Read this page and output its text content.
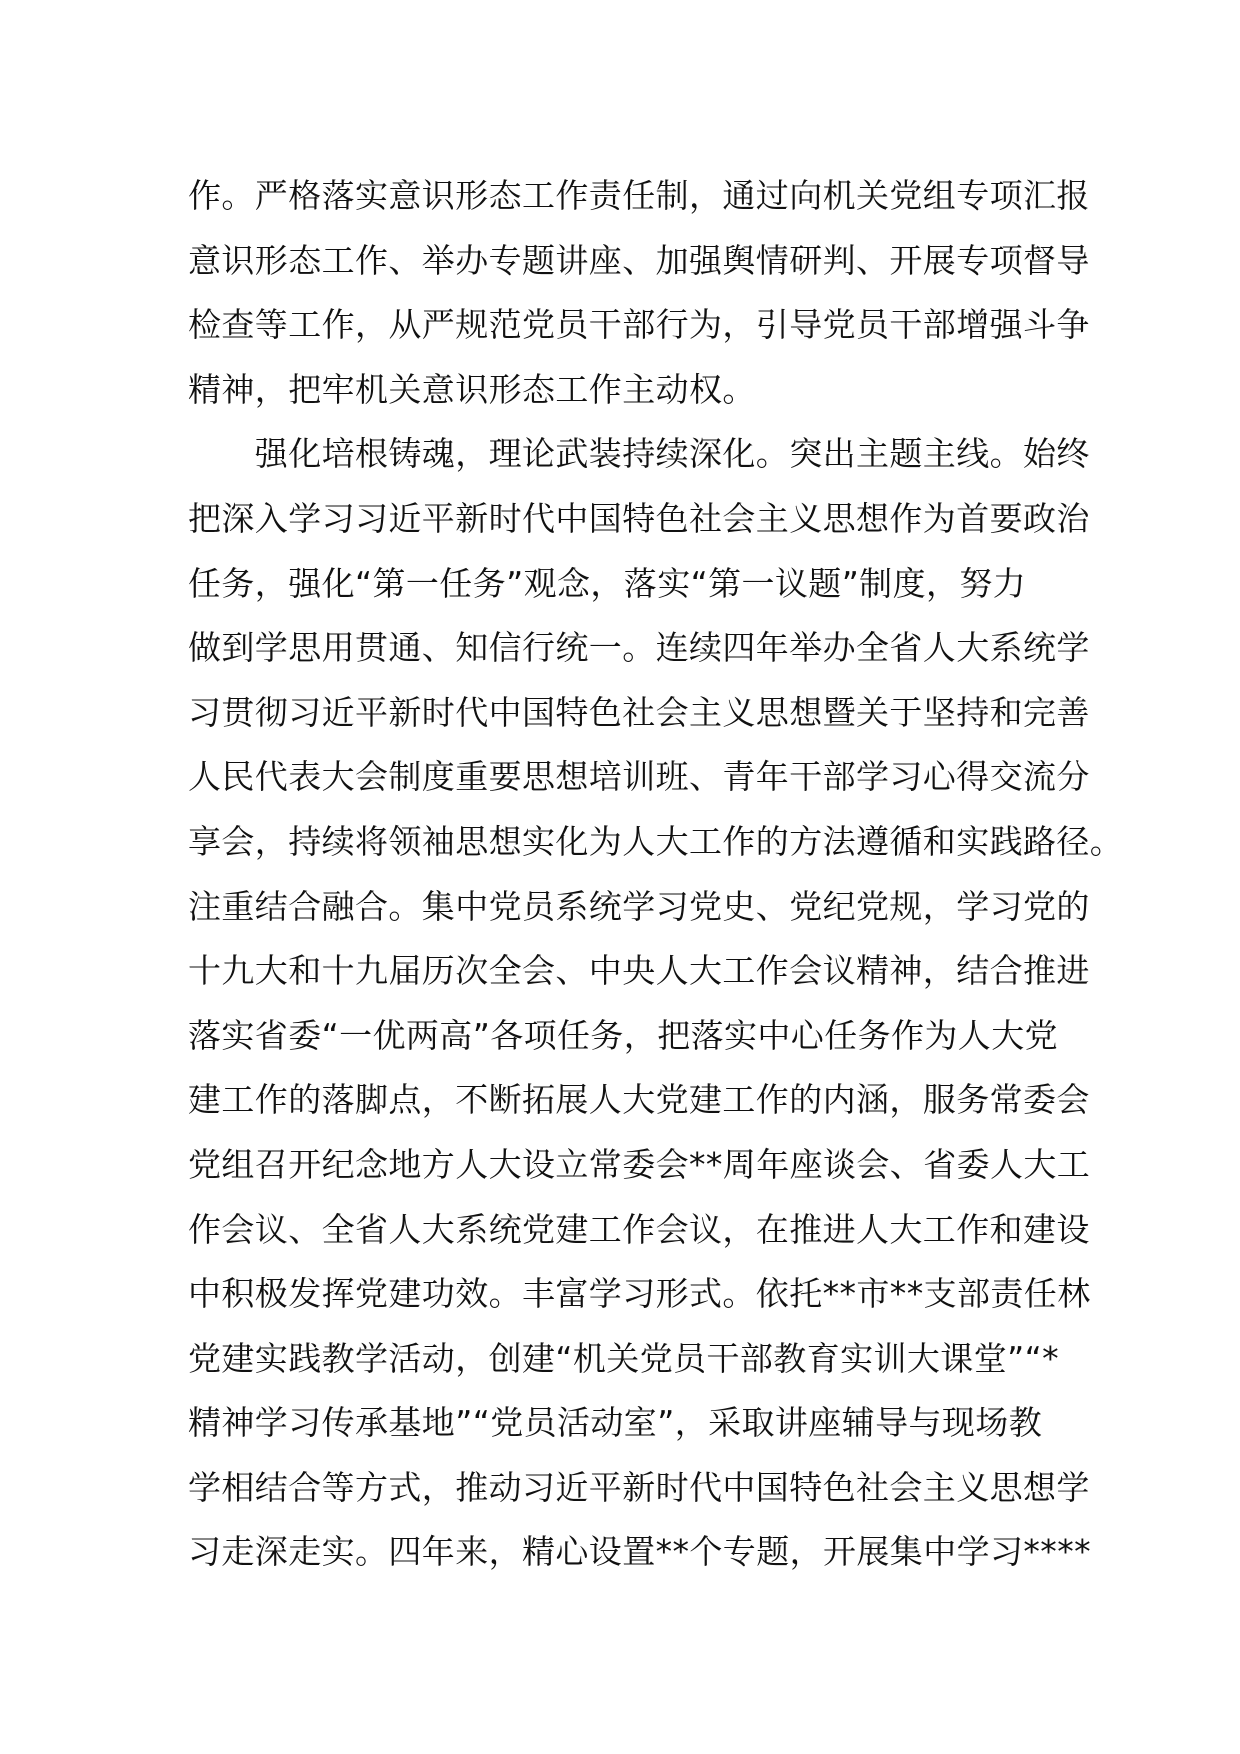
作。严格落实意识形态工作责任制，通过向机关党组专项汇报
意识形态工作、举办专题讲座、加强舆情研判、开展专项督导
检查等工作，从严规范党员干部行为，引导党员干部增强斗争
精神，把牢机关意识形态工作主动权。
　　强化培根铸魂，理论武装持续深化。突出主题主线。始终
把深入学习习近平新时代中国特色社会主义思想作为首要政治
任务，强化“第一任务”观念，落实“第一议题”制度，努力
做到学思用贯通、知信行统一。连续四年举办全省人大系统学
习贯彻习近平新时代中国特色社会主义思想暨关于坚持和完善
人民代表大会制度重要思想培训班、青年干部学习心得交流分
享会，持续将领袖思想实化为人大工作的方法遵循和实践路径。
注重结合融合。集中党员系统学习党史、党纪党规，学习党的
十九大和十九届历次全会、中央人大工作会议精神，结合推进
落实省委“一优两高”各项任务，把落实中心任务作为人大党
建工作的落脚点，不断拓展人大党建工作的内涵，服务常委会
党组召开纪念地方人大设立常委会**周年座谈会、省委人大工
作会议、全省人大系统党建工作会议，在推进人大工作和建设
中积极发挥党建功效。丰富学习形式。依托**市**支部责任林
党建实践教学活动，创建“机关党员干部教育实训大课堂”“*
精神学习传承基地”“党员活动室”，采取讲座辅导与现场教
学相结合等方式，推动习近平新时代中国特色社会主义思想学
习走深走实。四年来，精心设置**个专题，开展集中学习****
